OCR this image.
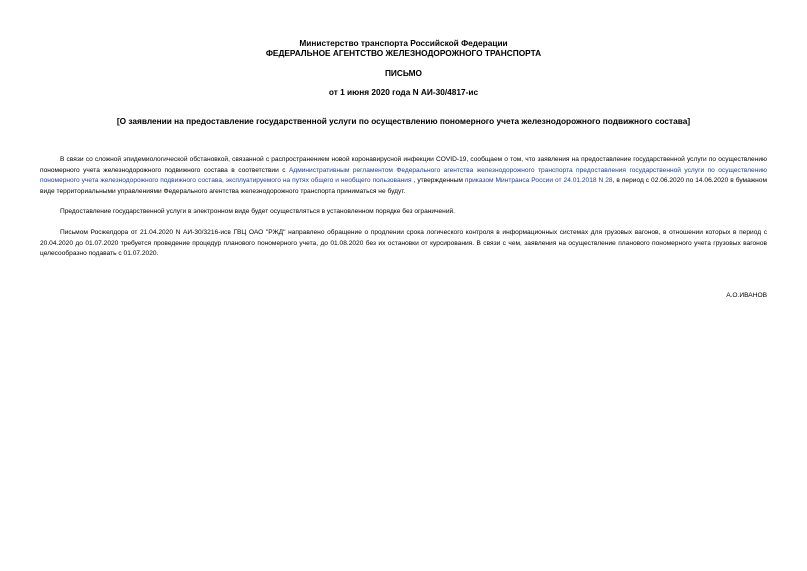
Министерство транспорта Российской Федерации
ФЕДЕРАЛЬНОЕ АГЕНТСТВО ЖЕЛЕЗНОДОРОЖНОГО ТРАНСПОРТА
ПИСЬМО
от 1 июня 2020 года N АИ-30/4817-ис
[О заявлении на предоставление государственной услуги по осуществлению пономерного учета железнодорожного подвижного состава]
В связи со сложной эпидемиологической обстановкой, связанной с распространением новой коронавирусной инфекции COVID-19, сообщаем о том, что заявления на предоставление государственной услуги по осуществлению пономерного учета железнодорожного подвижного состава в соответствии с Административным регламентом Федерального агентства железнодорожного транспорта предоставления государственной услуги по осуществлению пономерного учета железнодорожного подвижного состава, эксплуатируемого на путях общего и необщего пользования , утвержденным приказом Минтранса России от 24.01.2018 N 28, в период с 02.06.2020 по 14.06.2020 в бумажном виде территориальными управлениями Федерального агентства железнодорожного транспорта приниматься не будут.
Предоставление государственной услуги в электронном виде будет осуществляться в установленном порядке без ограничений.
Письмом Росжелдора от 21.04.2020 N АИ-30/3216-исв ГВЦ ОАО "РЖД" направлено обращение о продлении срока логического контроля в информационных системах для грузовых вагонов, в отношении которых в период с 20.04.2020 до 01.07.2020 требуется проведение процедур планового пономерного учета, до 01.08.2020 без их остановки от курсирования. В связи с чем, заявления на осуществление планового пономерного учета грузовых вагонов целесообразно подавать с 01.07.2020.
А.О.ИВАНОВ
